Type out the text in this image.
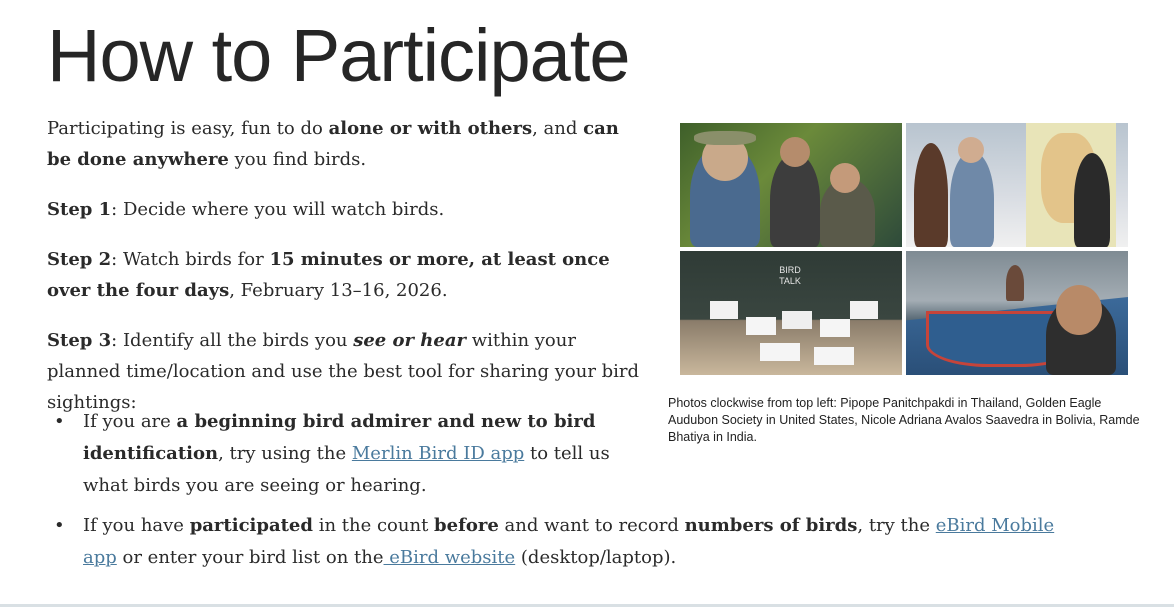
How to Participate

Participating is easy, fun to do alone or with others, and can be done anywhere you find birds.

Step 1: Decide where you will watch birds.

Step 2: Watch birds for 15 minutes or more, at least once over the four days, February 13–16, 2026.

Step 3: Identify all the birds you see or hear within your planned time/location and use the best tool for sharing your bird sightings:

• If you are a beginning bird admirer and new to bird identification, try using the Merlin Bird ID app to tell us what birds you are seeing or hearing.
• If you have participated in the count before and want to record numbers of birds, try the eBird Mobile app or enter your bird list on the eBird website (desktop/laptop).
BIRD TALK
Photos clockwise from top left: Pipope Panitchpakdi in Thailand, Golden Eagle Audubon Society in United States, Nicole Adriana Avalos Saavedra in Bolivia, Ramde Bhatiya in India.
